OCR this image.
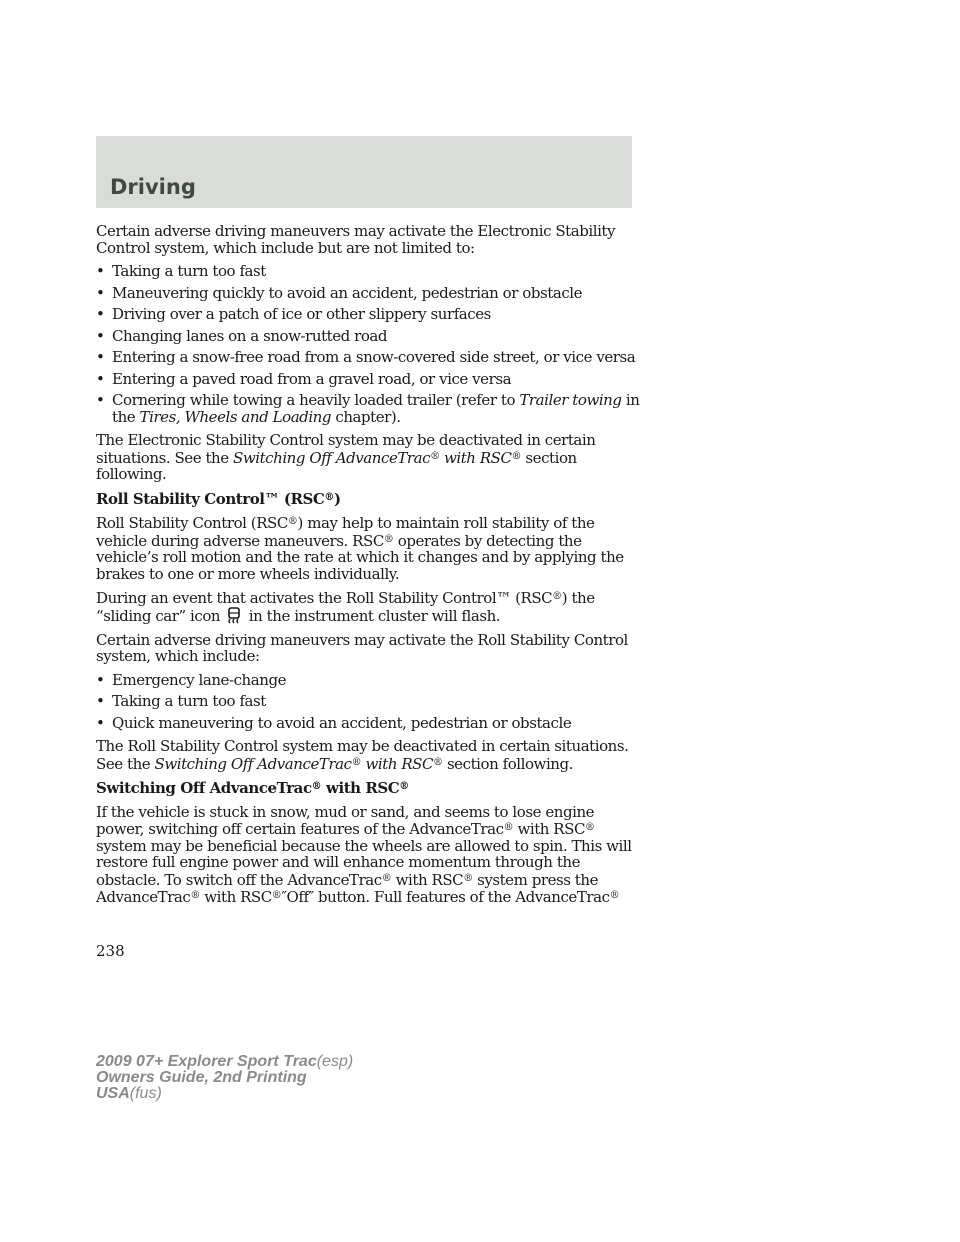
Driving

Certain adverse driving maneuvers may activate the Electronic Stability Control system, which include but are not limited to:

• Taking a turn too fast
• Maneuvering quickly to avoid an accident, pedestrian or obstacle
• Driving over a patch of ice or other slippery surfaces
• Changing lanes on a snow-rutted road
• Entering a snow-free road from a snow-covered side street, or vice versa
• Entering a paved road from a gravel road, or vice versa
• Cornering while towing a heavily loaded trailer (refer to Trailer towing in the Tires, Wheels and Loading chapter).

The Electronic Stability Control system may be deactivated in certain situations. See the Switching Off AdvanceTrac® with RSC® section following.

Roll Stability Control™ (RSC®)

Roll Stability Control (RSC®) may help to maintain roll stability of the vehicle during adverse maneuvers. RSC® operates by detecting the vehicle’s roll motion and the rate at which it changes and by applying the brakes to one or more wheels individually.

During an event that activates the Roll Stability Control™ (RSC®) the “sliding car” icon in the instrument cluster will flash.

Certain adverse driving maneuvers may activate the Roll Stability Control system, which include:

• Emergency lane-change
• Taking a turn too fast
• Quick maneuvering to avoid an accident, pedestrian or obstacle

The Roll Stability Control system may be deactivated in certain situations. See the Switching Off AdvanceTrac® with RSC® section following.

Switching Off AdvanceTrac® with RSC®

If the vehicle is stuck in snow, mud or sand, and seems to lose engine power, switching off certain features of the AdvanceTrac® with RSC® system may be beneficial because the wheels are allowed to spin. This will restore full engine power and will enhance momentum through the obstacle. To switch off the AdvanceTrac® with RSC® system press the AdvanceTrac® with RSC®″Off″ button. Full features of the AdvanceTrac®

238
2009 07+ Explorer Sport Trac(esp)
Owners Guide, 2nd Printing
USA(fus)
